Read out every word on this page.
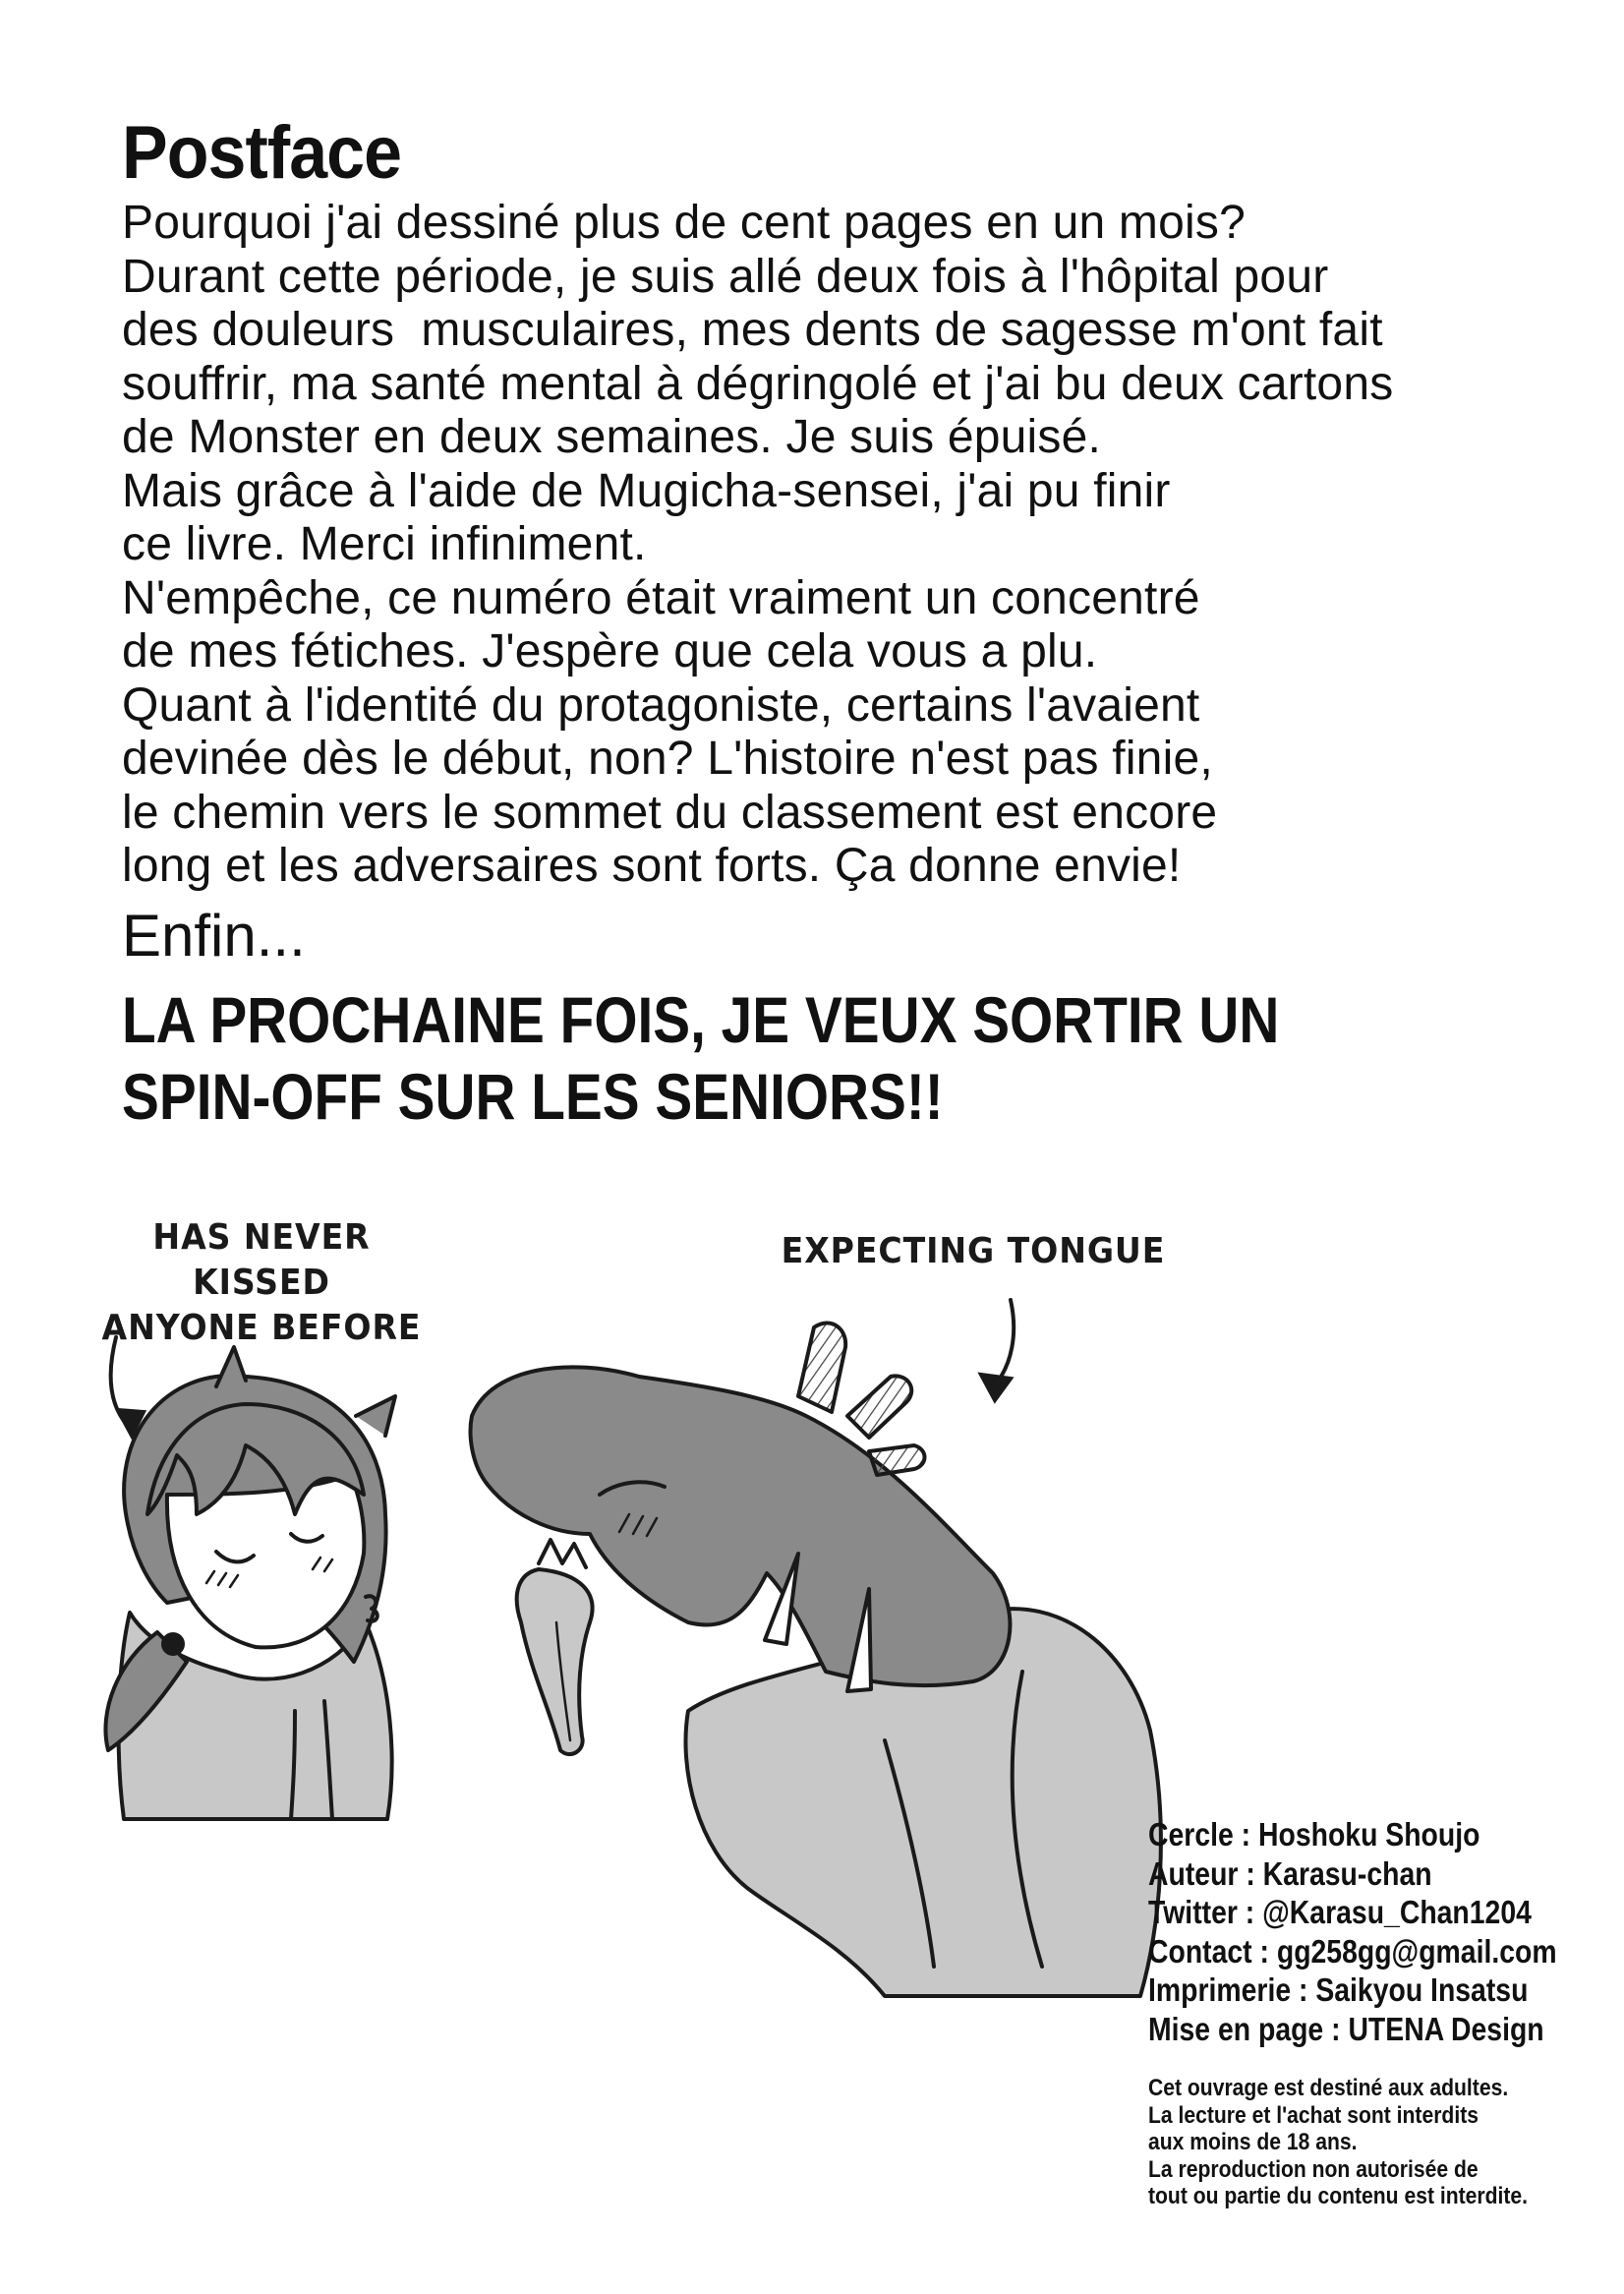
Postface
Pourquoi j'ai dessiné plus de cent pages en un mois?
Durant cette période, je suis allé deux fois à l'hôpital pour
des douleurs  musculaires, mes dents de sagesse m'ont fait
souffrir, ma santé mental à dégringolé et j'ai bu deux cartons
de Monster en deux semaines. Je suis épuisé.
Mais grâce à l'aide de Mugicha-sensei, j'ai pu finir
ce livre. Merci infiniment.
N'empêche, ce numéro était vraiment un concentré
de mes fétiches. J'espère que cela vous a plu.
Quant à l'identité du protagoniste, certains l'avaient
devinée dès le début, non? L'histoire n'est pas finie,
le chemin vers le sommet du classement est encore
long et les adversaires sont forts. Ça donne envie!
Enfin...
LA PROCHAINE FOIS, JE VEUX SORTIR UN
SPIN-OFF SUR LES SENIORS!!
HAS NEVER KISSED
ANYONE BEFORE
EXPECTING TONGUE
Cercle : Hoshoku Shoujo
Auteur : Karasu-chan
Twitter : @Karasu_Chan1204
Contact : gg258gg@gmail.com
Imprimerie : Saikyou Insatsu
Mise en page : UTENA Design
Cet ouvrage est destiné aux adultes.
La lecture et l'achat sont interdits
aux moins de 18 ans.
La reproduction non autorisée de
tout ou partie du contenu est interdite.
